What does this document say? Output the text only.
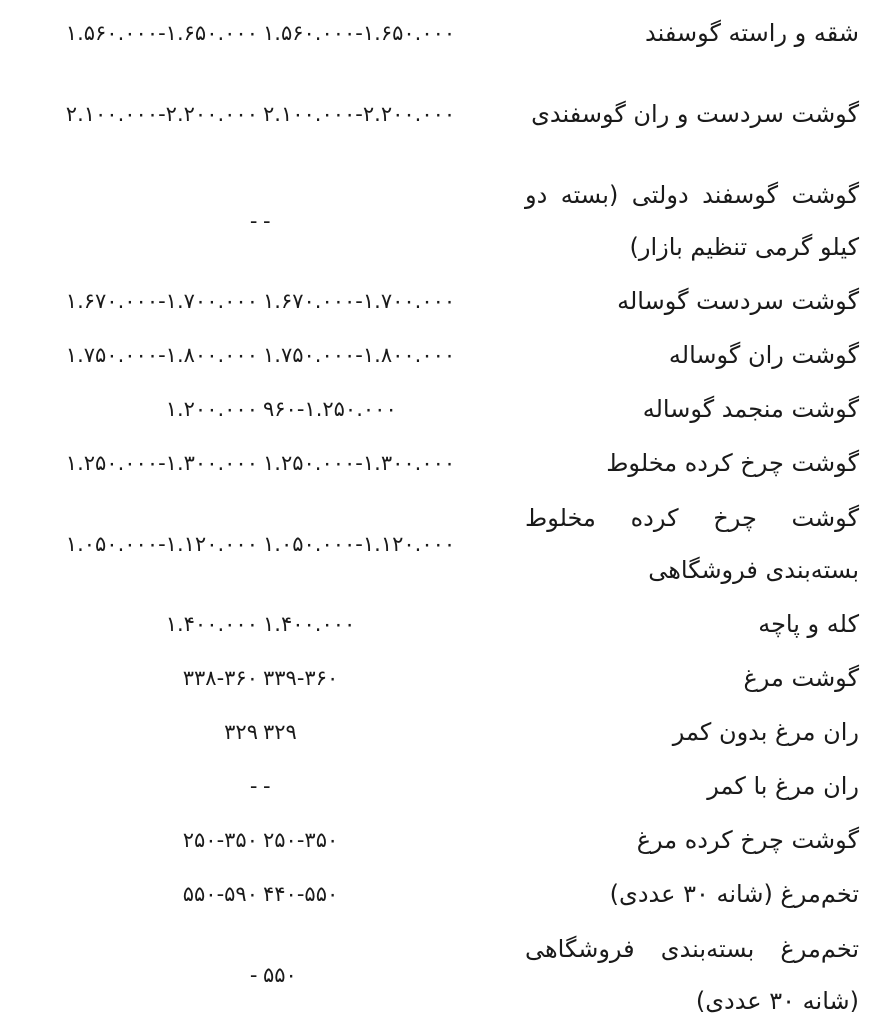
شقه و راسته گوسفند	۱.۵۶۰.۰۰۰-۱.۶۵۰.۰۰۰	۱.۵۶۰.۰۰۰-۱.۶۵۰.۰۰۰
گوشت سردست و ران گوسفندی	۲.۱۰۰.۰۰۰-۲.۲۰۰.۰۰۰	۲.۱۰۰.۰۰۰-۲.۲۰۰.۰۰۰
گوشت گوسفند دولتی (بسته دو کیلو گرمی تنظیم بازار)	-	-
گوشت سردست گوساله	۱.۶۷۰.۰۰۰-۱.۷۰۰.۰۰۰	۱.۶۷۰.۰۰۰-۱.۷۰۰.۰۰۰
گوشت ران گوساله	۱.۷۵۰.۰۰۰-۱.۸۰۰.۰۰۰	۱.۷۵۰.۰۰۰-۱.۸۰۰.۰۰۰
گوشت منجمد گوساله	۹۶۰-۱.۲۵۰.۰۰۰	۱.۲۰۰.۰۰۰
گوشت چرخ کرده مخلوط	۱.۲۵۰.۰۰۰-۱.۳۰۰.۰۰۰	۱.۲۵۰.۰۰۰-۱.۳۰۰.۰۰۰
گوشت چرخ کرده مخلوط بسته‌بندی فروشگاهی	۱.۰۵۰.۰۰۰-۱.۱۲۰.۰۰۰	۱.۰۵۰.۰۰۰-۱.۱۲۰.۰۰۰
کله و پاچه	۱.۴۰۰.۰۰۰	۱.۴۰۰.۰۰۰
گوشت مرغ	۳۳۹-۳۶۰	۳۳۸-۳۶۰
ران مرغ بدون کمر	۳۲۹	۳۲۹
ران مرغ با کمر	-	-
گوشت چرخ کرده مرغ	۲۵۰-۳۵۰	۲۵۰-۳۵۰
تخم‌مرغ (شانه ۳۰ عددی)	۴۴۰-۵۵۰	۵۵۰-۵۹۰
تخم‌مرغ بسته‌بندی فروشگاهی (شانه ۳۰ عددی)	۵۵۰	-
